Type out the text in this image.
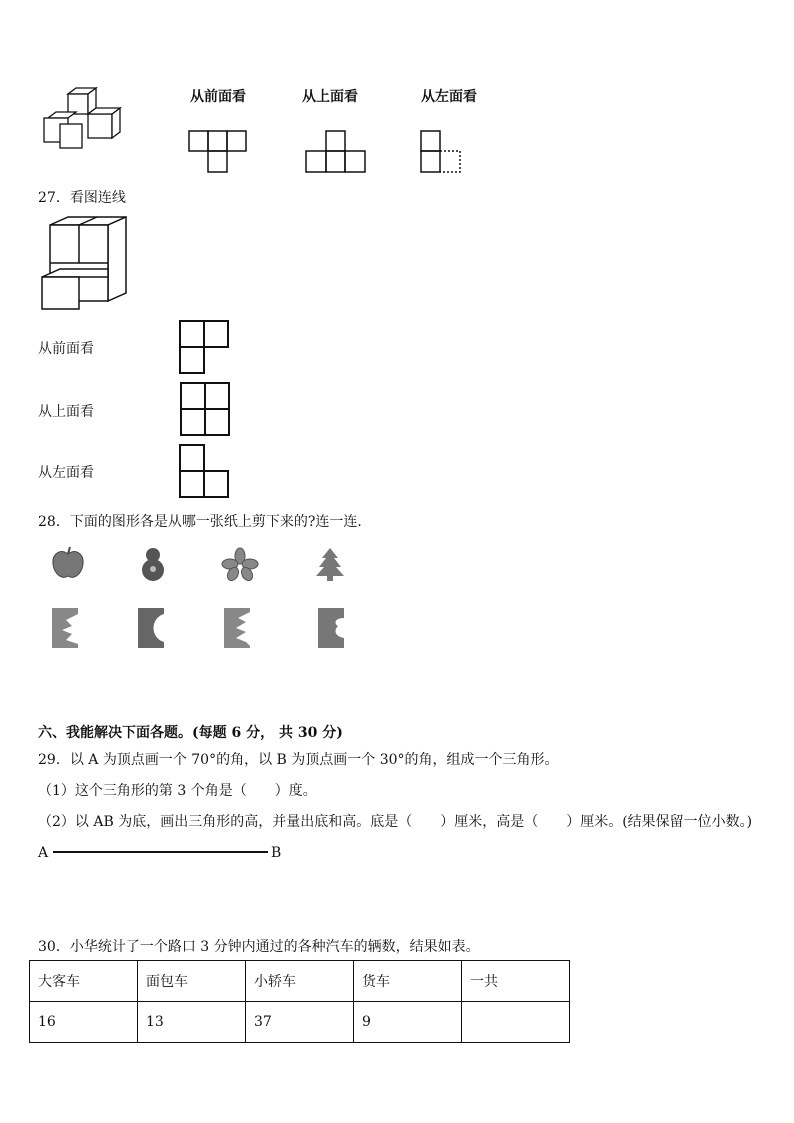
从前面看	从上面看	从左面看
27．看图连线
从前面看
从上面看
从左面看
28．下面的图形各是从哪一张纸上剪下来的?连一连．
六、我能解决下面各题。(每题 6 分， 共 30 分)
29．以 A 为顶点画一个 70°的角，以 B 为顶点画一个 30°的角，组成一个三角形。
（1）这个三角形的第 3 个角是（　　）度。
（2）以 AB 为底，画出三角形的高，并量出底和高。底是（　　）厘米，高是（　　）厘米。(结果保留一位小数。)
A	B
30．小华统计了一个路口 3 分钟内通过的各种汽车的辆数，结果如表。
大客车	面包车	小轿车	货车	一共
16	13	37	9	
